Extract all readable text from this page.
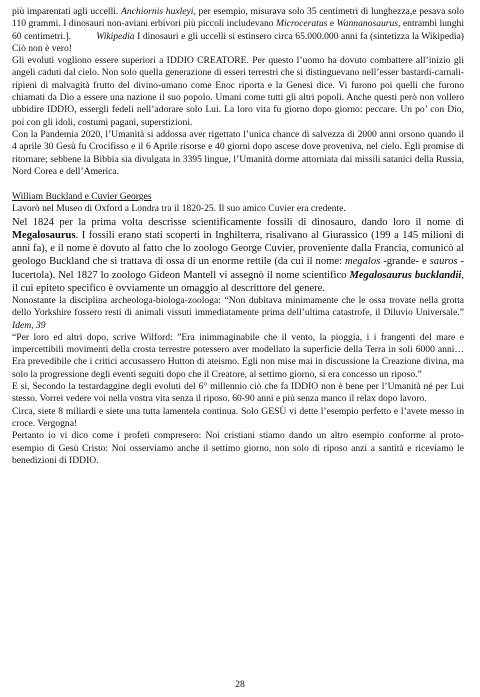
più imparentati agli uccelli. Anchiornis huxleyi, per esempio, misurava solo 35 centimetri di lunghezza,e pesava solo 110 grammi. I dinosauri non-aviani erbivori più piccoli includevano Microceratus e Wannanosaurus, entrambi lunghi 60 centimetri.].	Wikipedia I dinosauri e gli uccelli si estinsero circa 65.000.000 anni fa (sintetizza la Wikipedia) Ciò non è vero!

Gli evoluti vogliono essere superiori a IDDIO CREATORE. Per questo l’uomo ha dovuto combattere all’inizio gli angeli caduti dal cielo. Non solo quella generazione di esseri terrestri che si distinguevano nell’esser bastardi-carnali-ripieni di malvagità frutto del divino-umano come Enoc riporta e la Genesi dice. Vi furono poi quelli che furono chiamati da Dio a essere una nazione il suo popolo. Umani come tutti gli altri popoli. Anche questi però non vollero ubbidire IDDIO, essergli fedeli nell’adorare solo Lui. La loro vita fu giorno dopo giorno: peccare. Un po’ con Dio, poi con gli idoli, costumi pagani, superstizioni.

Con la Pandemia 2020, l’Umanità si addossa aver rigettato l’unica chance di salvezza di 2000 anni orsono quando il 4 aprile 30 Gesù fu Crocifisso e il 6 Aprile risorse e 40 giorni dopo ascese dove proveniva, nel cielo. Egli promise di ritornare; sebbene la Bibbia sia divulgata in 3395 lingue, l’Umanità dorme attorniata dai missili satanici della Russia, Nord Corea e dell’America.

William Buckland e Cuvier Georges

Lavorò nel Museo di Oxford a Londra tra il 1820-25. Il suo amico Cuvier era credente.

Nel 1824 per la prima volta descrisse scientificamente fossili di dinosauro, dando loro il nome di Megalosaurus. I fossili erano stati scoperti in Inghilterra, risalivano al Giurassico (199 a 145 milioni di anni fa), e il nome è dovuto al fatto che lo zoologo George Cuvier, proveniente dalla Francia, comunicò al geologo Buckland che si trattava di ossa di un enorme rettile (da cui il nome: megalos -grande- e sauros -lucertola). Nel 1827 lo zoologo Gideon Mantell vi assegnò il nome scientifico Megalosaurus bucklandii, il cui epiteto specifico è ovviamente un omaggio al descrittore del genere.

Nonostante la disciplina archeologa-biologa-zoologa: “Non dubitava minimamente che le ossa trovate nella grotta dello Yorkshire fossero resti di animali vissuti immediatamente prima dell’ultima catastrofe, il Diluvio Universale.” Idem, 39

“Per loro ed altri dopo, scrive Wilford: ”Era inimmaginabile che il vento, la pioggia, i i frangenti del mare e impercettibili movimenti della crosta terrestre potessero aver modellato la superficie della Terra in soli 6000 anni…Era prevedibile che i critici accusassero Hutton di ateismo. Egli non mise mai in discussione la Creazione divina, ma solo la progressione degli eventi seguiti dopo che il Creatore, al settimo giorno, si era concesso un riposo.”

E sì, Secondo la testardaggine degli evoluti del 6° millennio ciò che fa IDDIO non è bene per l’Umanità né per Lui stesso. Vorrei vedere voi nella vostra vita senza il riposo. 60-90 anni e più senza manco il relax dopo lavoro.

Circa, siete 8 miliardi e siete una tutta lamentela continua. Solo GESÙ vi dette l’esempio perfetto e l’avete messo in croce. Vergogna!

Pertanto io vi dico come i profeti compresero: Noi cristiani stiamo dando un altro esempio conforme al proto-esempio di Gesù Cristo: Noi osserviamo anche il settimo giorno, non solo di riposo anzi a santità e riceviamo le benedizioni di IDDIO.

28
